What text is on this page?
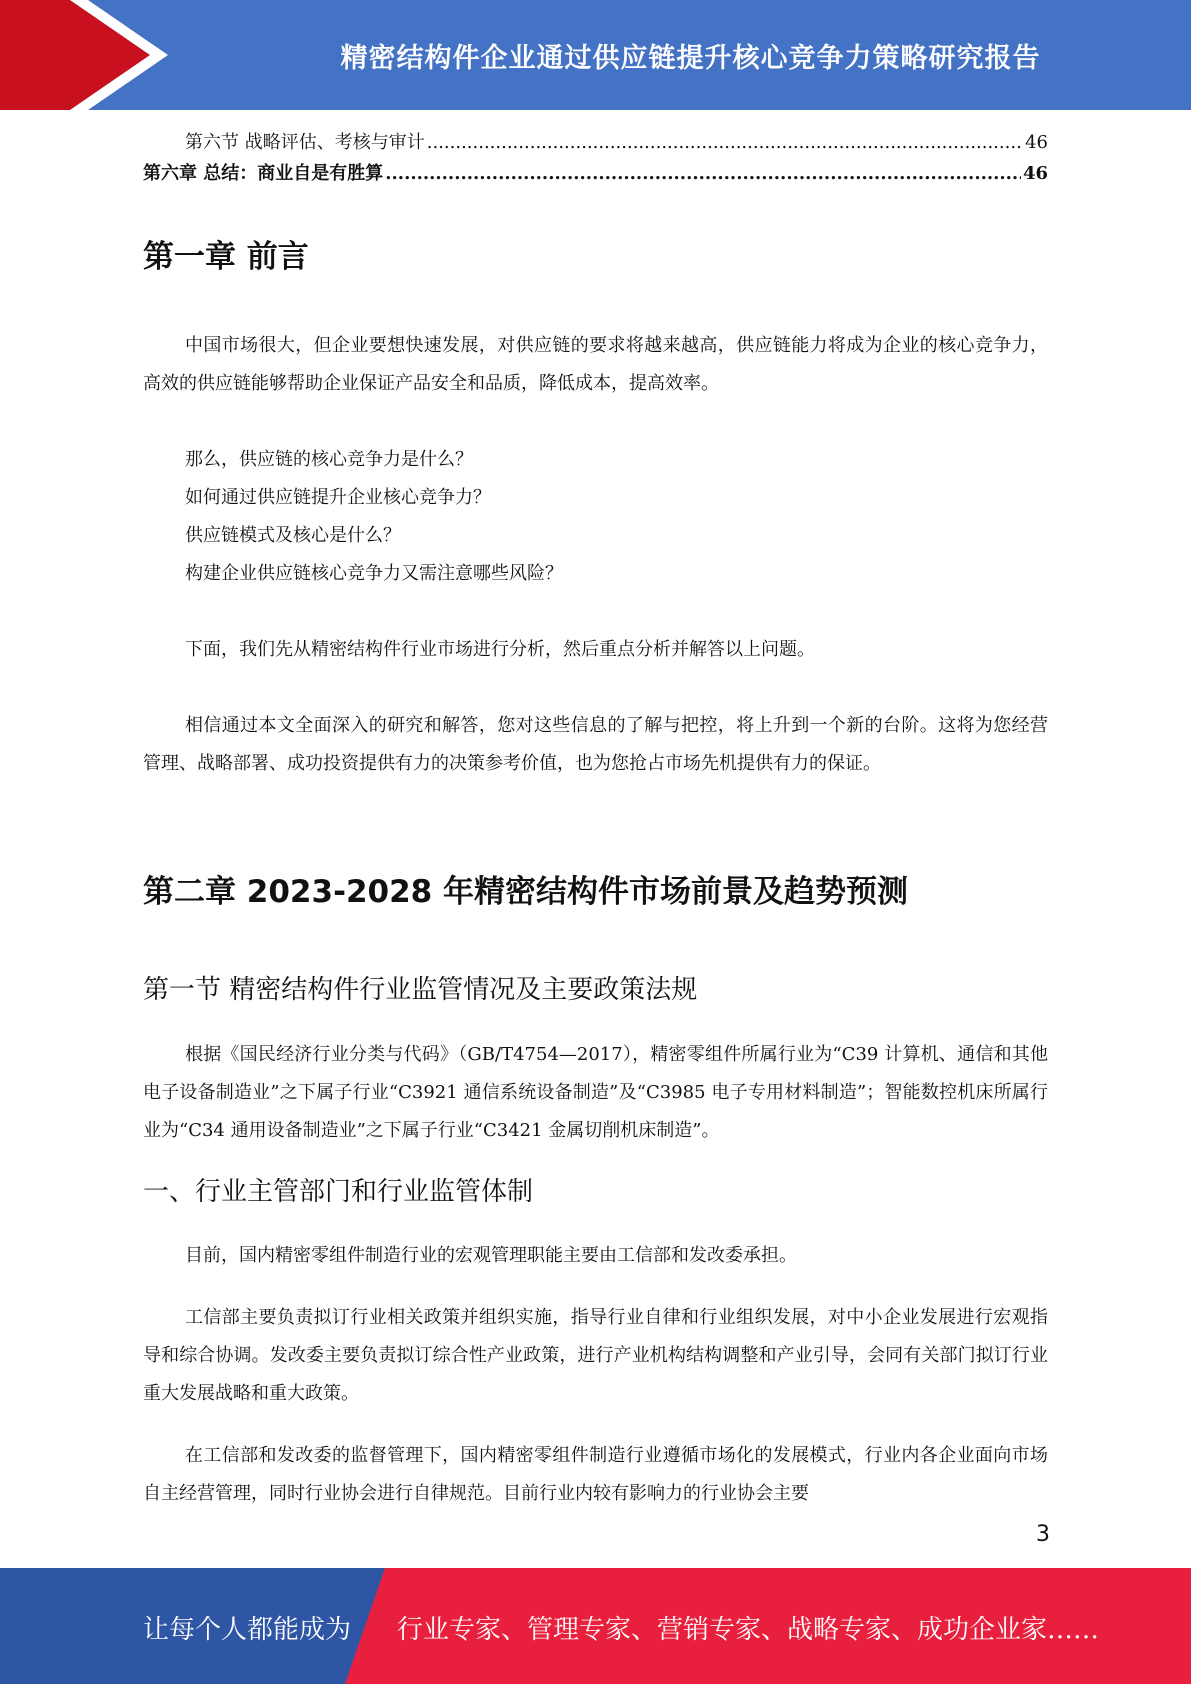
精密结构件企业通过供应链提升核心竞争力策略研究报告
第六节 战略评估、考核与审计 .....	46
第六章 总结：商业自是有胜算 .....	46
第一章 前言

中国市场很大，但企业要想快速发展，对供应链的要求将越来越高，供应链能力将成为企业的核心竞争力，高效的供应链能够帮助企业保证产品安全和品质，降低成本，提高效率。

那么，供应链的核心竞争力是什么？
如何通过供应链提升企业核心竞争力？
供应链模式及核心是什么？
构建企业供应链核心竞争力又需注意哪些风险？

下面，我们先从精密结构件行业市场进行分析，然后重点分析并解答以上问题。

相信通过本文全面深入的研究和解答，您对这些信息的了解与把控，将上升到一个新的台阶。这将为您经营管理、战略部署、成功投资提供有力的决策参考价值，也为您抢占市场先机提供有力的保证。

第二章 2023-2028 年精密结构件市场前景及趋势预测
第一节 精密结构件行业监管情况及主要政策法规

根据《国民经济行业分类与代码》（GB/T4754—2017），精密零组件所属行业为“C39 计算机、通信和其他电子设备制造业”之下属子行业“C3921 通信系统设备制造”及“C3985 电子专用材料制造”；智能数控机床所属行业为“C34 通用设备制造业”之下属子行业“C3421 金属切削机床制造”。

一、行业主管部门和行业监管体制

目前，国内精密零组件制造行业的宏观管理职能主要由工信部和发改委承担。

工信部主要负责拟订行业相关政策并组织实施，指导行业自律和行业组织发展，对中小企业发展进行宏观指导和综合协调。发改委主要负责拟订综合性产业政策，进行产业机构结构调整和产业引导，会同有关部门拟订行业重大发展战略和重大政策。

在工信部和发改委的监督管理下，国内精密零组件制造行业遵循市场化的发展模式，行业内各企业面向市场自主经营管理，同时行业协会进行自律规范。目前行业内较有影响力的行业协会主要

3
让每个人都能成为 行业专家、管理专家、营销专家、战略专家、成功企业家……
